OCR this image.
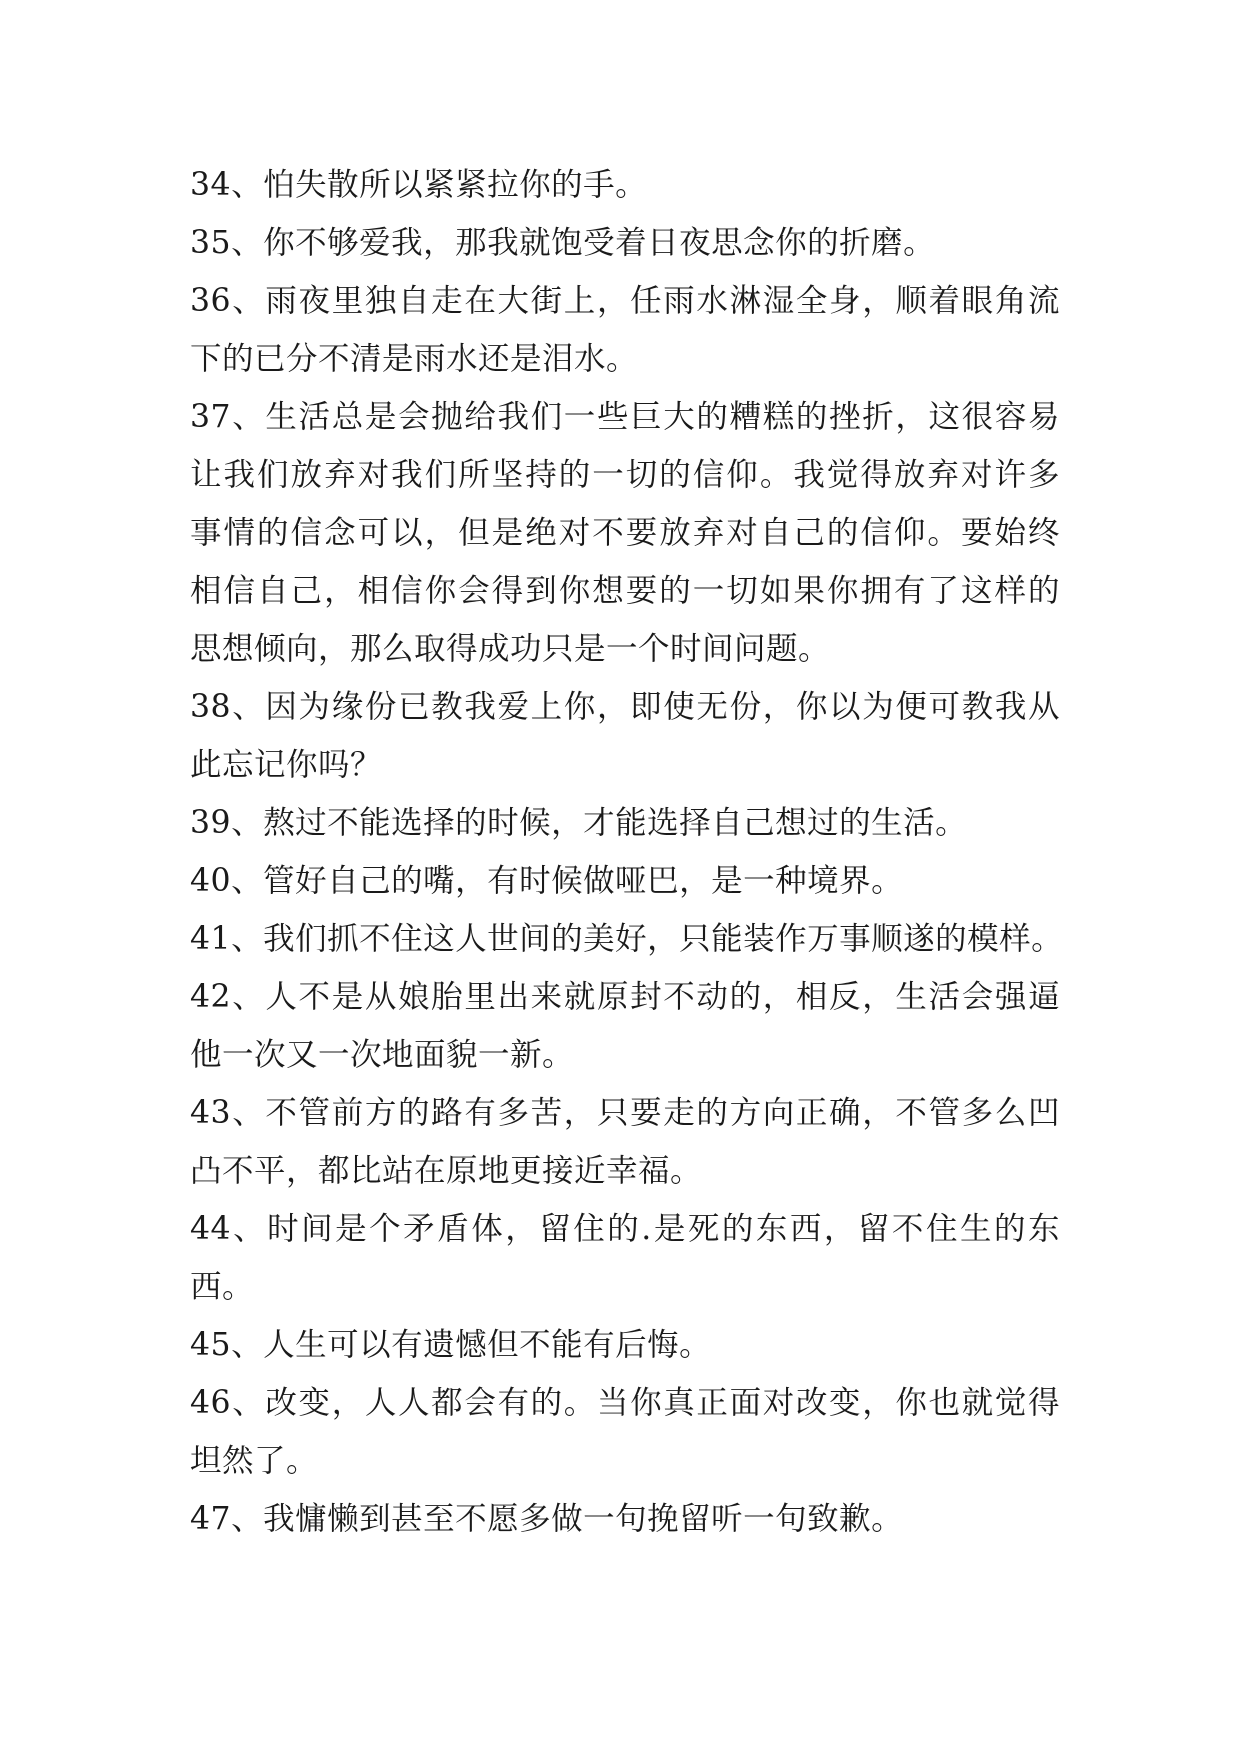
34、怕失散所以紧紧拉你的手。
35、你不够爱我，那我就饱受着日夜思念你的折磨。
36、雨夜里独自走在大街上，任雨水淋湿全身，顺着眼角流
下的已分不清是雨水还是泪水。
37、生活总是会抛给我们一些巨大的糟糕的挫折，这很容易
让我们放弃对我们所坚持的一切的信仰。我觉得放弃对许多
事情的信念可以，但是绝对不要放弃对自己的信仰。要始终
相信自己，相信你会得到你想要的一切如果你拥有了这样的
思想倾向，那么取得成功只是一个时间问题。
38、因为缘份已教我爱上你，即使无份，你以为便可教我从
此忘记你吗？
39、熬过不能选择的时候，才能选择自己想过的生活。
40、管好自己的嘴，有时候做哑巴，是一种境界。
41、我们抓不住这人世间的美好，只能装作万事顺遂的模样。
42、人不是从娘胎里出来就原封不动的，相反，生活会强逼
他一次又一次地面貌一新。
43、不管前方的路有多苦，只要走的方向正确，不管多么凹
凸不平，都比站在原地更接近幸福。
44、时间是个矛盾体，留住的.是死的东西，留不住生的东
西。
45、人生可以有遗憾但不能有后悔。
46、改变，人人都会有的。当你真正面对改变，你也就觉得
坦然了。
47、我慵懒到甚至不愿多做一句挽留听一句致歉。
